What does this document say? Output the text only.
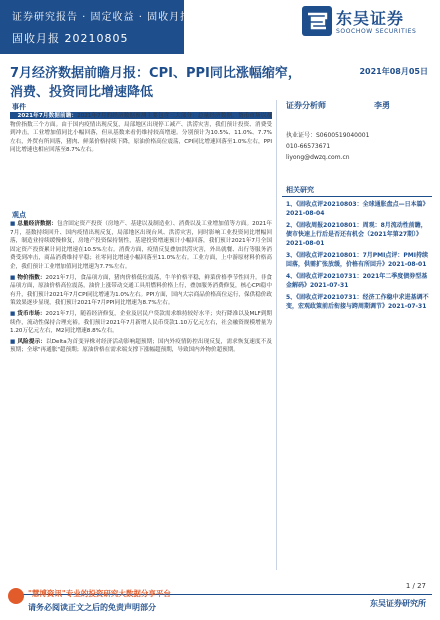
证券研究报告 · 固定收益 · 固收月报
固收月报 20210805
东吴证券
SOOCHOW SECURITIES
7月经济数据前瞻月报：CPI、PPI同比涨幅缩窄，消费、投资同比增速降低
2021年08月05日
事件

■ 2021年7月数据前瞻：2021年7月的经济数据预测主要包含三大部分：总量经济数据，货币市场以及物价指数三个方面。由于国内疫情出现反复，局部地区出现停工减产、洪涝灾害，我们预计投资、消费受到冲击，工业增加值同比小幅回落，但从基数来看仍维持较高增速。分别预计为10.5%、11.0%、7.7%左右，外贸有所回落，猪肉、鲜菜价格持续下降，原油价格高位震荡，CPI同比增速回落至1.0%左右，PPI同比增速也相应回落至8.7%左右。

观点

■ 总量经济数据：包含固定资产投资（房地产、基建以及制造业）、消费以及工业增加值等方面。2021年7月，基数持续回升、国内疫情出现反复，局部地区出现台风、洪涝灾害，同时影响工业投资同比增幅回落，制造业持续缓慢修复，房地产投资保持韧性，基建投资增速预计小幅回落，我们预计2021年7月全国固定资产投资累计同比增速在10.5%左右。消费方面，疫情反复叠加洪涝灾害，外出就餐、出行等服务消费受到冲击，商品消费维持平稳；社零同比增速小幅回落至11.0%左右。工业方面，上中游原材料价格高企，我们预计工业增加值同比增速为7.7%左右。

■ 物价指数：2021年7月，食品项方面，猪肉价格低位震荡，牛羊价格平稳，鲜菜价格季节性回升。非食品项方面，原油价格高位震荡，油价上涨带动交通工具用燃料价格上行，叠加服务消费修复，核心CPI稳中有升，我们预计2021年7月CPI同比增速为1.0%左右。PPI方面，国内大宗商品价格高位运行，保供稳价政策效果逐步显现，我们预计2021年7月PPI同比增速为8.7%左右。

■ 货币市场：2021年7月，随着经济修复，企业及居民户贷款需求维持较好水平；央行降准以及MLF到期续作，流动性保持合理充裕。我们预计2021年7月新增人民币贷款1.10万亿元左右，社会融资规模增量为1.20万亿元左右，M2同比增速8.8%左右。

■ 风险提示：以Delta为首变异株对经济活动影响超预期；国内外疫情防控出现反复，需求恢复速度不及预期；全球"再通胀"超预期；原油价格在需求端支撑下涨幅超预期，导致国内外物价超预期。

证券分析师	李勇
执业证号：S0600519040001
010-66573671
liyong@dwzq.com.cn
相关研究
1、《固收点评20210803：全球通胀盘点—日本篇》2021-08-04
2、《固收周报20210801：周观：8月流动性前瞻，债市快速上行后是否还有机会（2021年第27期）》2021-08-01
3、《固收点评20210801：7月PMI点评：PMI持续回落，供需扩张放缓，价格有所回升》2021-08-01
4、《固收点评20210731：2021年二季度债券型基金解码》2021-07-31
5、《固收点评20210731：经济工作稳中求进基调不变，宏观政策前后衔接与跨周期调节》2021-07-31
1 / 27
东吴证券研究所
"慧博资讯"专业的投资研究大数据分享平台
请务必阅读正文之后的免责声明部分
